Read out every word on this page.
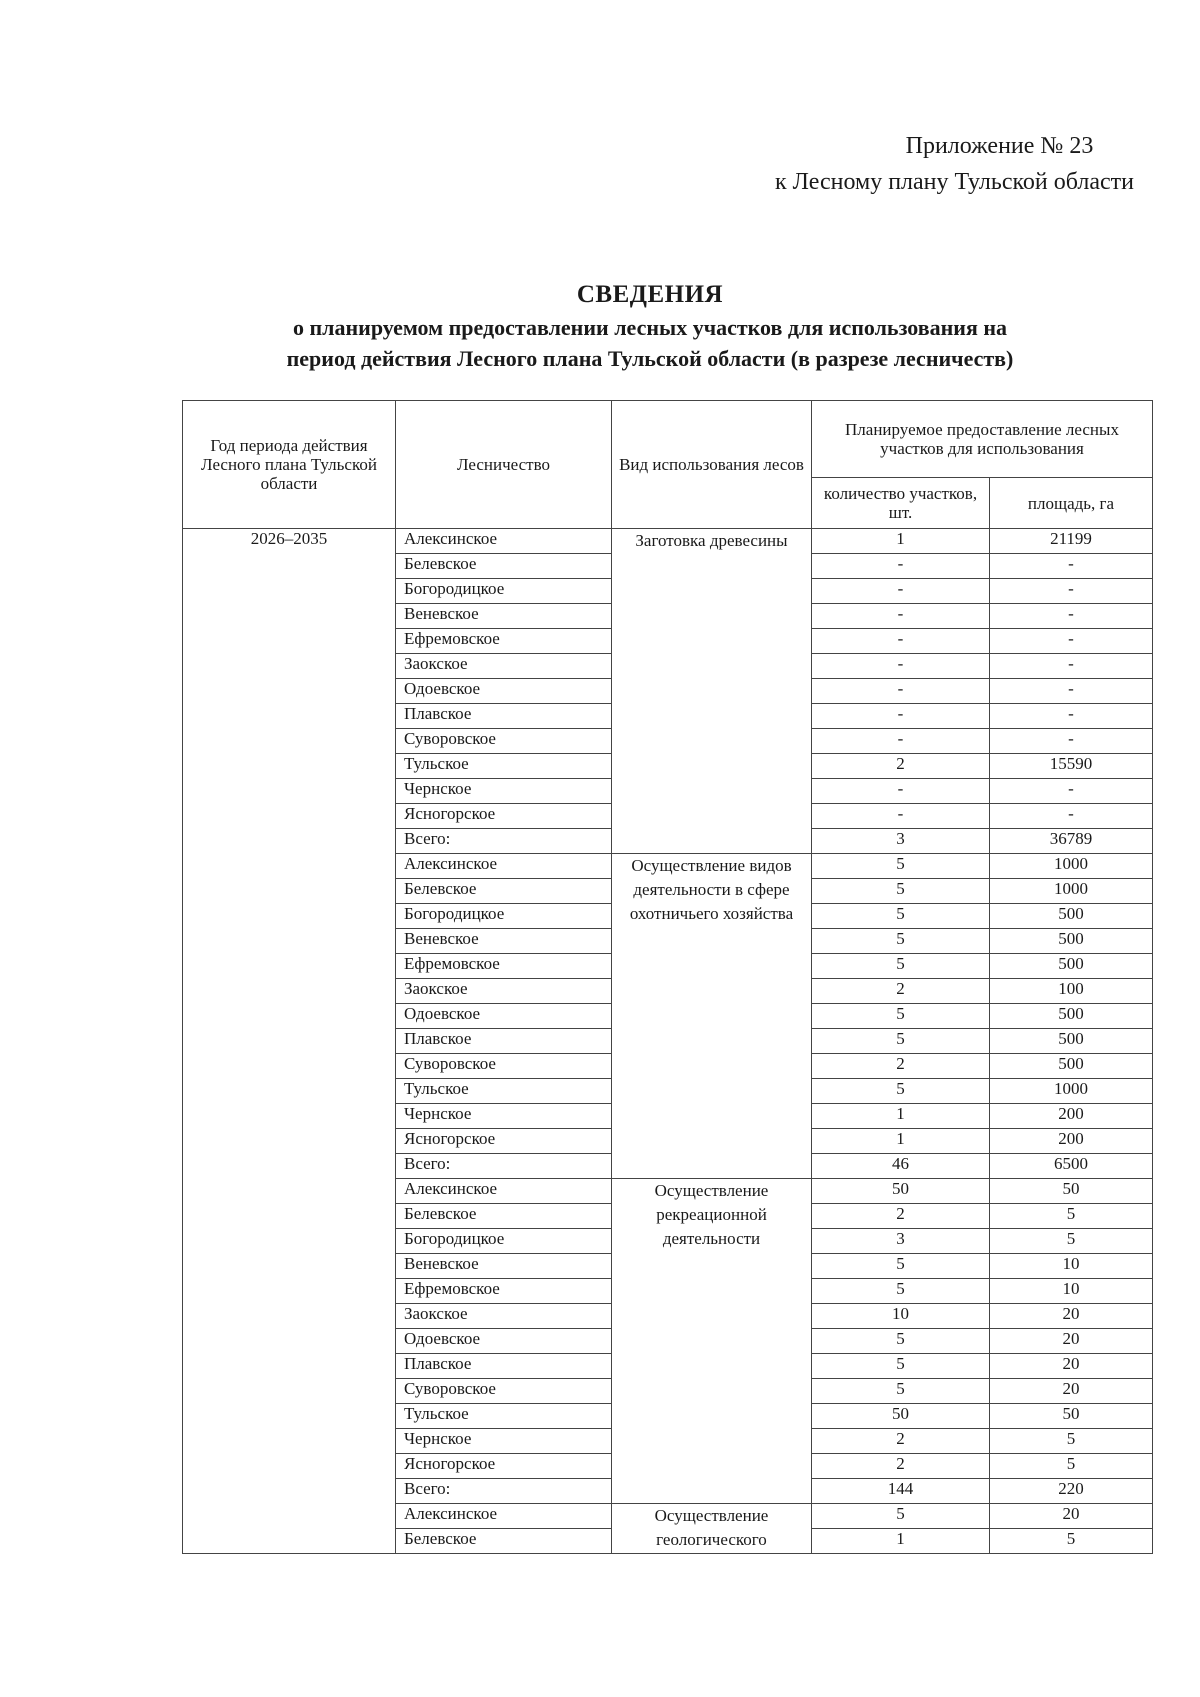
Приложение № 23
к Лесному плану Тульской области
СВЕДЕНИЯ
о планируемом предоставлении лесных участков для использования на
период действия Лесного плана Тульской области (в разрезе лесничеств)
Год периода действия Лесного плана Тульской области	Лесничество	Вид использования лесов	Планируемое предоставление лесных участков для использования	
			количество участков, шт.	площадь, га
2026–2035	Алексинское	Заготовка древесины	1	21199
	Белевское		-	-
	Богородицкое		-	-
	Веневское		-	-
	Ефремовское		-	-
	Заокское		-	-
	Одоевское		-	-
	Плавское		-	-
	Суворовское		-	-
	Тульское		2	15590
	Чернское		-	-
	Ясногорское		-	-
	Всего:		3	36789
	Алексинское	Осуществление видов деятельности в сфере охотничьего хозяйства	5	1000
	Белевское		5	1000
	Богородицкое		5	500
	Веневское		5	500
	Ефремовское		5	500
	Заокское		2	100
	Одоевское		5	500
	Плавское		5	500
	Суворовское		2	500
	Тульское		5	1000
	Чернское		1	200
	Ясногорское		1	200
	Всего:		46	6500
	Алексинское	Осуществление рекреационной деятельности	50	50
	Белевское		2	5
	Богородицкое		3	5
	Веневское		5	10
	Ефремовское		5	10
	Заокское		10	20
	Одоевское		5	20
	Плавское		5	20
	Суворовское		5	20
	Тульское		50	50
	Чернское		2	5
	Ясногорское		2	5
	Всего:		144	220
	Алексинское	Осуществление геологического	5	20
	Белевское		1	5
